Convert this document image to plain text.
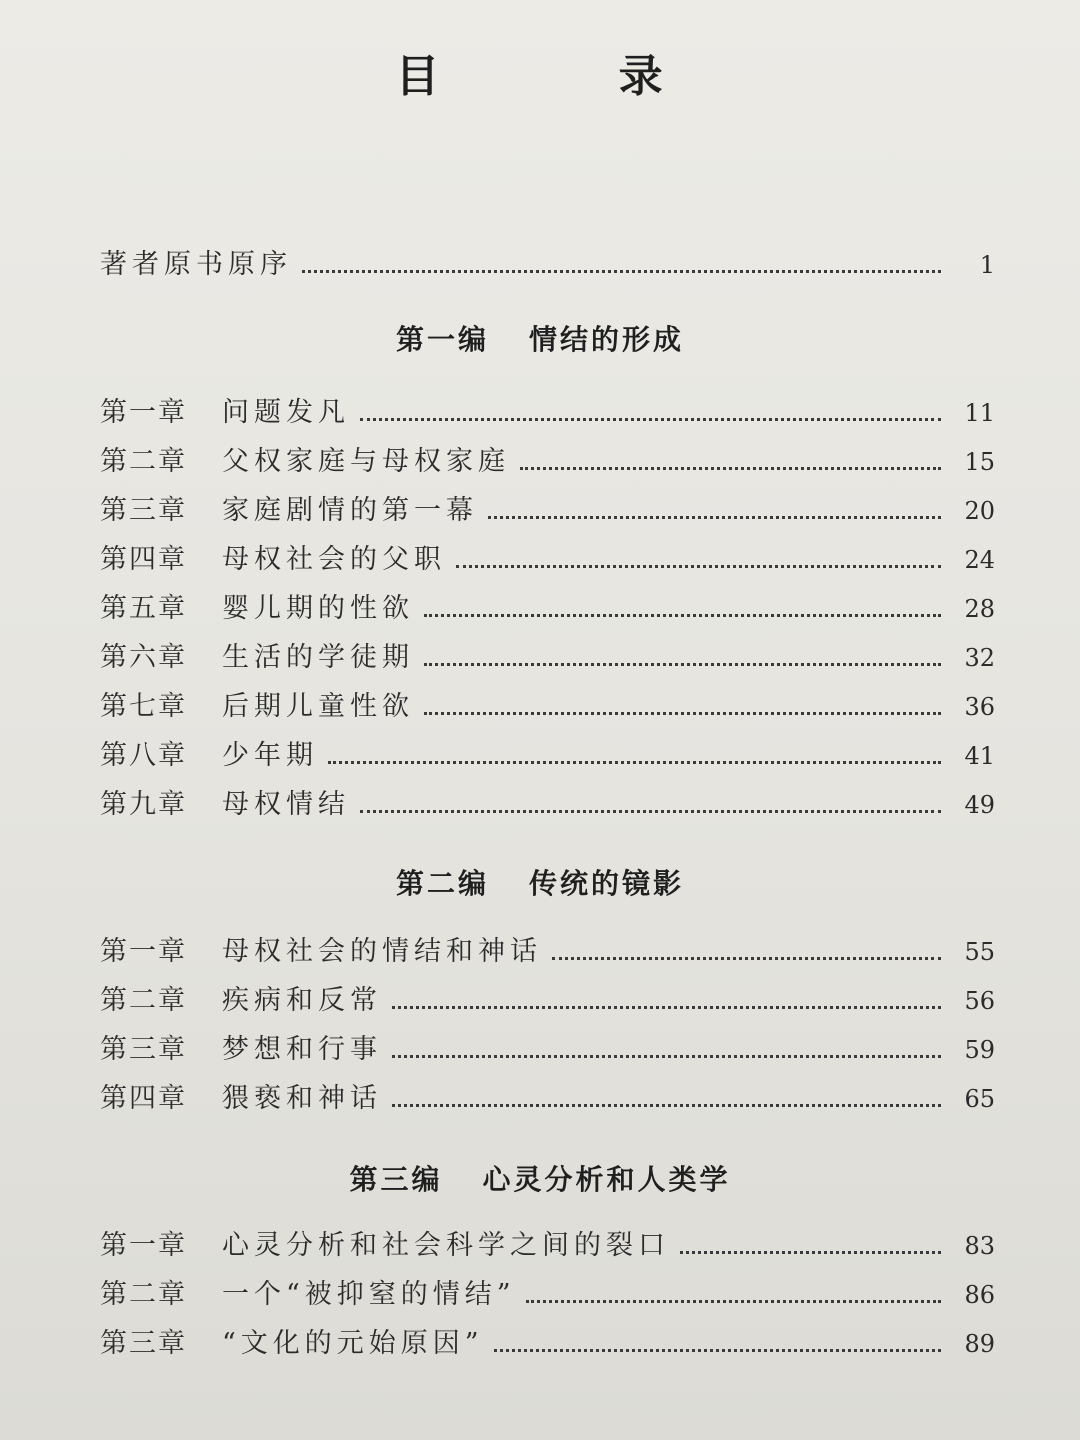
目 录
著者原书原序	1
第一编 情结的形成
第一章	问题发凡	11
第二章	父权家庭与母权家庭	15
第三章	家庭剧情的第一幕	20
第四章	母权社会的父职	24
第五章	婴儿期的性欲	28
第六章	生活的学徒期	32
第七章	后期儿童性欲	36
第八章	少年期	41
第九章	母权情结	49
第二编 传统的镜影
第一章	母权社会的情结和神话	55
第二章	疾病和反常	56
第三章	梦想和行事	59
第四章	猥亵和神话	65
第三编 心灵分析和人类学
第一章	心灵分析和社会科学之间的裂口	83
第二章	一个“被抑窒的情结”	86
第三章	“文化的元始原因”	89
